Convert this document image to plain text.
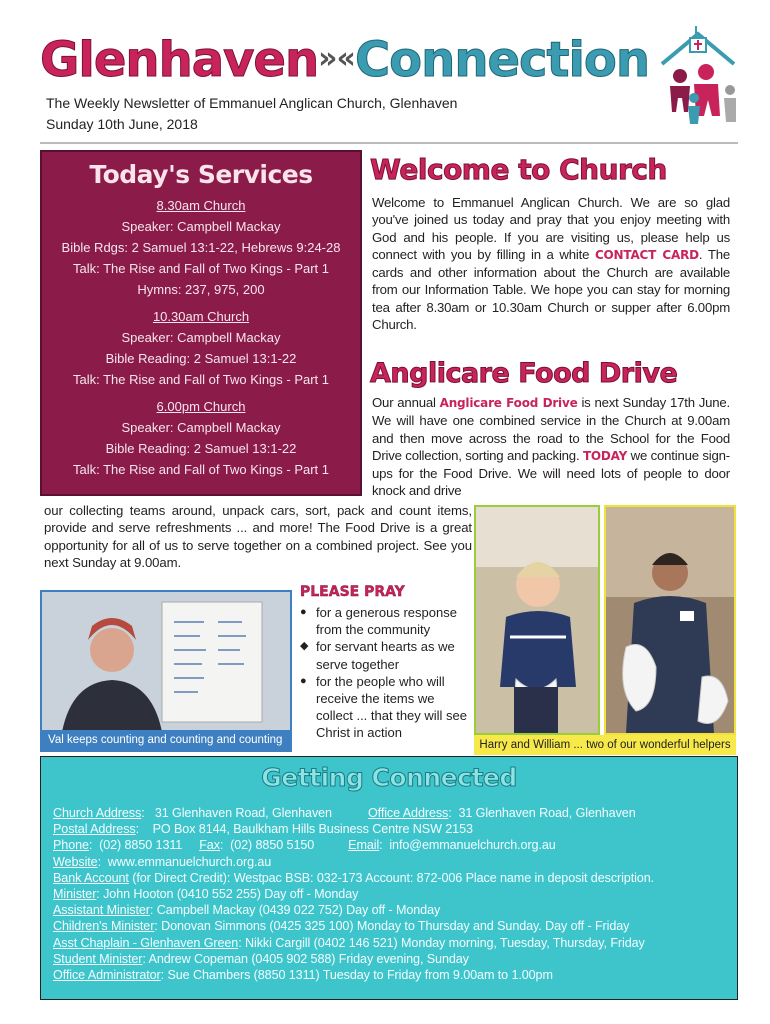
Glenhaven»«Connection
The Weekly Newsletter of Emmanuel Anglican Church, Glenhaven
Sunday 10th June, 2018
Today's Services
8.30am Church
Speaker: Campbell Mackay
Bible Rdgs: 2 Samuel 13:1-22, Hebrews 9:24-28
Talk: The Rise and Fall of Two Kings - Part 1
Hymns: 237, 975, 200
10.30am Church
Speaker: Campbell Mackay
Bible Reading: 2 Samuel 13:1-22
Talk: The Rise and Fall of Two Kings - Part 1
6.00pm Church
Speaker: Campbell Mackay
Bible Reading: 2 Samuel 13:1-22
Talk: The Rise and Fall of Two Kings - Part 1
Welcome to Church
Welcome to Emmanuel Anglican Church. We are so glad you've joined us today and pray that you enjoy meeting with God and his people. If you are visiting us, please help us connect with you by filling in a white CONTACT CARD. The cards and other information about the Church are available from our Information Table. We hope you can stay for morning tea after 8.30am or 10.30am Church or supper after 6.00pm Church.
Anglicare Food Drive
Our annual Anglicare Food Drive is next Sunday 17th June. We will have one combined service in the Church at 9.00am and then move across the road to the School for the Food Drive collection, sorting and packing. TODAY we continue sign-ups for the Food Drive. We will need lots of people to door knock and drive
our collecting teams around, unpack cars, sort, pack and count items, provide and serve refreshments ... and more! The Food Drive is a great opportunity for all of us to serve together on a combined project. See you next Sunday at 9.00am.
Val keeps counting and counting and counting
PLEASE PRAY
● for a generous response from the community
◆ for servant hearts as we serve together
● for the people who will receive the items we collect ... that they will see Christ in action
Harry and William ... two of our wonderful helpers
Getting Connected
Church Address:   31 Glenhaven Road, Glenhaven	Office Address:  31 Glenhaven Road, Glenhaven
Postal Address:    PO Box 8144, Baulkham Hills Business Centre NSW 2153
Phone:  (02) 8850 1311 Fax:  (02) 8850 5150	Email:  info@emmanuelchurch.org.au
Website:  www.emmanuelchurch.org.au
Bank Account (for Direct Credit): Westpac BSB: 032-173 Account: 872-006 Place name in deposit description.
Minister: John Hooton (0410 552 255) Day off - Monday
Assistant Minister: Campbell Mackay (0439 022 752) Day off - Monday
Children's Minister: Donovan Simmons (0425 325 100) Monday to Thursday and Sunday. Day off - Friday
Asst Chaplain - Glenhaven Green: Nikki Cargill (0402 146 521) Monday morning, Tuesday, Thursday, Friday
Student Minister: Andrew Copeman (0405 902 588) Friday evening, Sunday
Office Administrator: Sue Chambers (8850 1311) Tuesday to Friday from 9.00am to 1.00pm
